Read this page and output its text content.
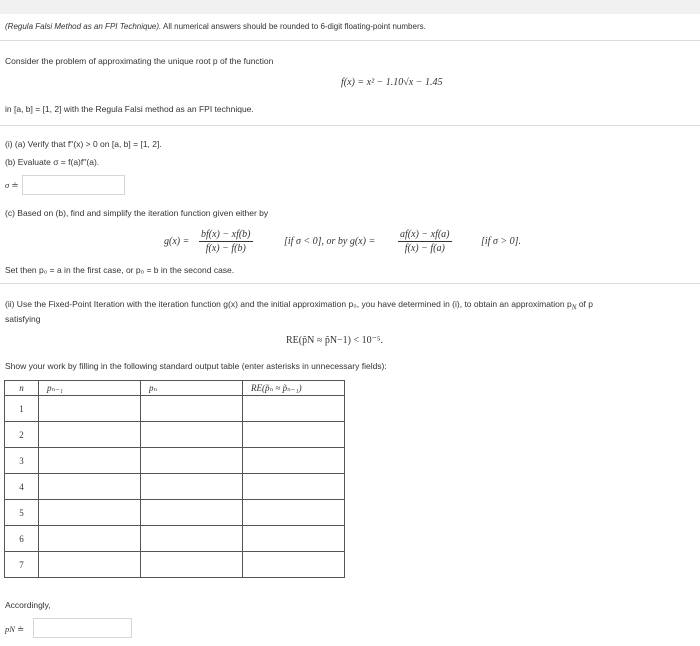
(Regula Falsi Method as an FPI Technique). All numerical answers should be rounded to 6-digit floating-point numbers.
Consider the problem of approximating the unique root p of the function
f(x) = x² − 1.10√x − 1.45
in [a, b] = [1, 2] with the Regula Falsi method as an FPI technique.
(i) (a) Verify that f′′(x) > 0 on [a, b] = [1, 2].
(b) Evaluate σ = f(a)f′′(a).
σ ≐
(c) Based on (b), find and simplify the iteration function given either by
$g(x) = \frac{bf(x) - xf(b)}{f(x) - f(b)}$	[if σ < 0], or by $g(x) = \frac{af(x) - xf(a)}{f(x) - f(a)}$	[if σ > 0].
Set then p₀ = a in the first case, or p₀ = b in the second case.
(ii) Use the Fixed-Point Iteration with the iteration function g(x) and the initial approximation p₀, you have determined in (i), to obtain an approximation $p_N$ of p
satisfying
RE(p̃N ≈ p̃N−1) < 10⁻⁵.
Show your work by filling in the following standard output table (enter asterisks in unnecessary fields):
n	pₙ₋₁	pₙ	RE(p̃ₙ ≈ p̃ₙ₋₁)
1			
2			
3			
4			
5			
6			
7			
Accordingly,
pN ≐
